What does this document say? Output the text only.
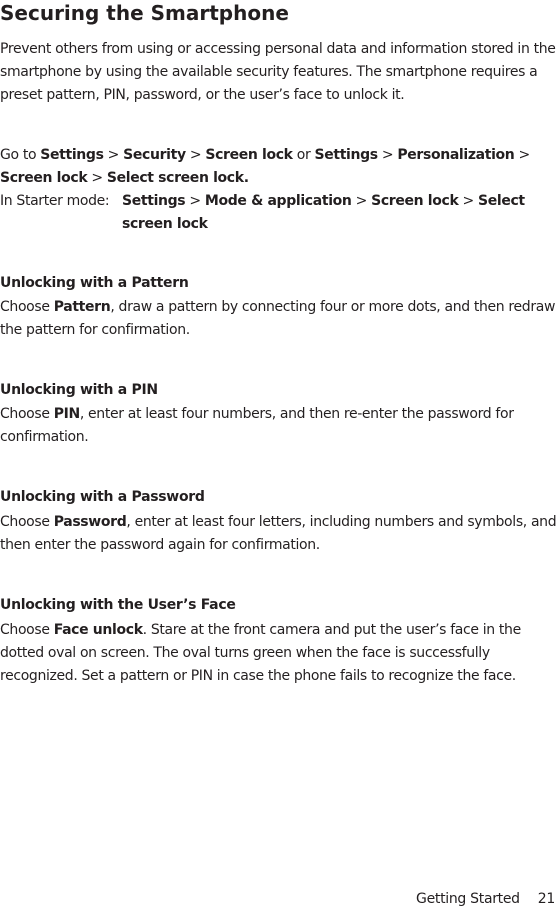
Securing the Smartphone

Prevent others from using or accessing personal data and information stored in the smartphone by using the available security features. The smartphone requires a preset pattern, PIN, password, or the user’s face to unlock it.

Go to Settings > Security > Screen lock or Settings > Personalization > Screen lock > Select screen lock.

In Starter mode: Settings > Mode & application > Screen lock > Select screen lock
Unlocking with a Pattern

Choose Pattern, draw a pattern by connecting four or more dots, and then redraw the pattern for confirmation.

Unlocking with a PIN

Choose PIN, enter at least four numbers, and then re-enter the password for confirmation.

Unlocking with a Password

Choose Password, enter at least four letters, including numbers and symbols, and then enter the password again for confirmation.

Unlocking with the User’s Face

Choose Face unlock. Stare at the front camera and put the user’s face in the dotted oval on screen. The oval turns green when the face is successfully recognized. Set a pattern or PIN in case the phone fails to recognize the face.

Getting Started 21
